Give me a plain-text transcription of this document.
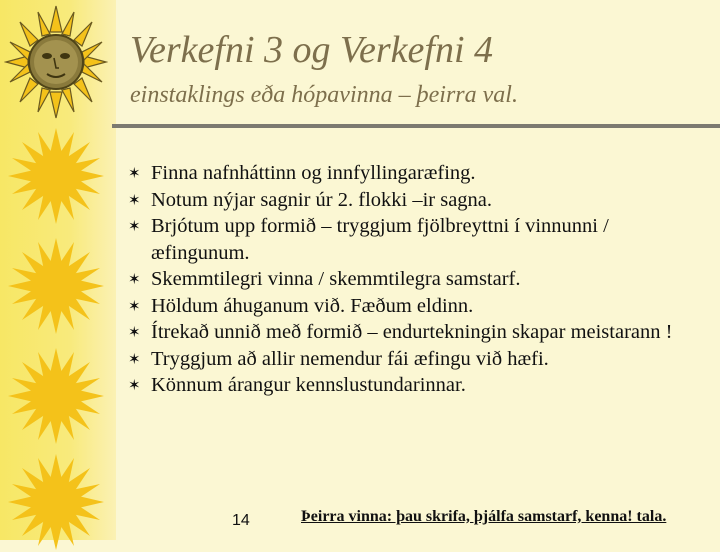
Verkefni 3 og Verkefni 4
einstaklings eða hópavinna – þeirra val.
✶ Finna nafnháttinn og innfyllingaræfing.
✶ Notum nýjar sagnir úr 2. flokki –ir sagna.
✶ Brjótum upp formið – tryggjum fjölbreyttni í vinnunni / æfingunum.
✶ Skemmtilegri vinna / skemmtilegra samstarf.
✶ Höldum áhuganum við. Fæðum eldinn.
✶ Ítrekað unnið með formið – endurtekningin skapar meistarann !
✶ Tryggjum að allir nemendur fái æfingu við hæfi.
✶ Könnum árangur kennslustundarinnar.
14	Þeirra vinna: þau skrifa, þjálfa samstarf, kenna! tala.
